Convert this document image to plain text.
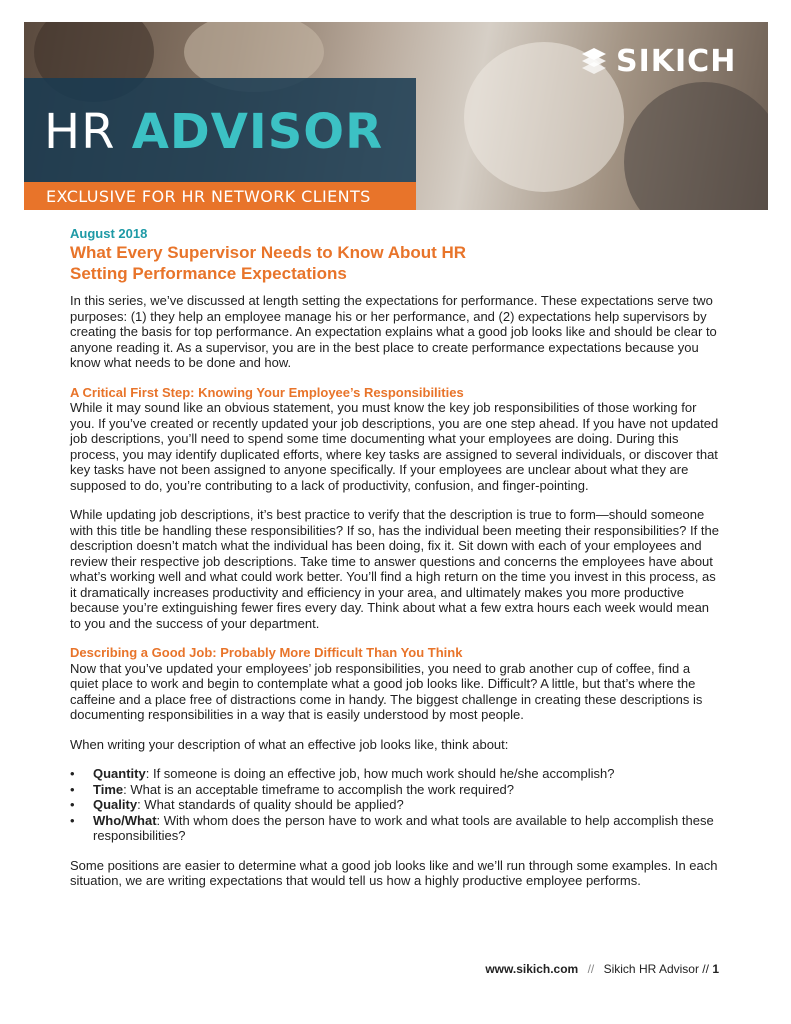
HR ADVISOR
EXCLUSIVE FOR HR NETWORK CLIENTS
SIKICH
August 2018
What Every Supervisor Needs to Know About HR
Setting Performance Expectations

In this series, we’ve discussed at length setting the expectations for performance. These expectations serve two purposes: (1) they help an employee manage his or her performance, and (2) expectations help supervisors by creating the basis for top performance. An expectation explains what a good job looks like and should be clear to anyone reading it. As a supervisor, you are in the best place to create performance expectations because you know what needs to be done and how.

A Critical First Step: Knowing Your Employee’s Responsibilities

While it may sound like an obvious statement, you must know the key job responsibilities of those working for you. If you’ve created or recently updated your job descriptions, you are one step ahead. If you have not updated job descriptions, you’ll need to spend some time documenting what your employees are doing. During this process, you may identify duplicated efforts, where key tasks are assigned to several individuals, or discover that key tasks have not been assigned to anyone specifically. If your employees are unclear about what they are supposed to do, you’re contributing to a lack of productivity, confusion, and finger-pointing.

While updating job descriptions, it’s best practice to verify that the description is true to form—should someone with this title be handling these responsibilities? If so, has the individual been meeting their responsibilities? If the description doesn’t match what the individual has been doing, fix it. Sit down with each of your employees and review their respective job descriptions. Take time to answer questions and concerns the employees have about what’s working well and what could work better. You’ll find a high return on the time you invest in this process, as it dramatically increases productivity and efficiency in your area, and ultimately makes you more productive because you’re extinguishing fewer fires every day. Think about what a few extra hours each week would mean to you and the success of your department.

Describing a Good Job: Probably More Difficult Than You Think

Now that you’ve updated your employees’ job responsibilities, you need to grab another cup of coffee, find a quiet place to work and begin to contemplate what a good job looks like. Difficult? A little, but that’s where the caffeine and a place free of distractions come in handy. The biggest challenge in creating these descriptions is documenting responsibilities in a way that is easily understood by most people.

When writing your description of what an effective job looks like, think about:

• Quantity: If someone is doing an effective job, how much work should he/she accomplish?
• Time: What is an acceptable timeframe to accomplish the work required?
• Quality: What standards of quality should be applied?
• Who/What: With whom does the person have to work and what tools are available to help accomplish these responsibilities?

Some positions are easier to determine what a good job looks like and we’ll run through some examples. In each situation, we are writing expectations that would tell us how a highly productive employee performs.

www.sikich.com // Sikich HR Advisor // 1
